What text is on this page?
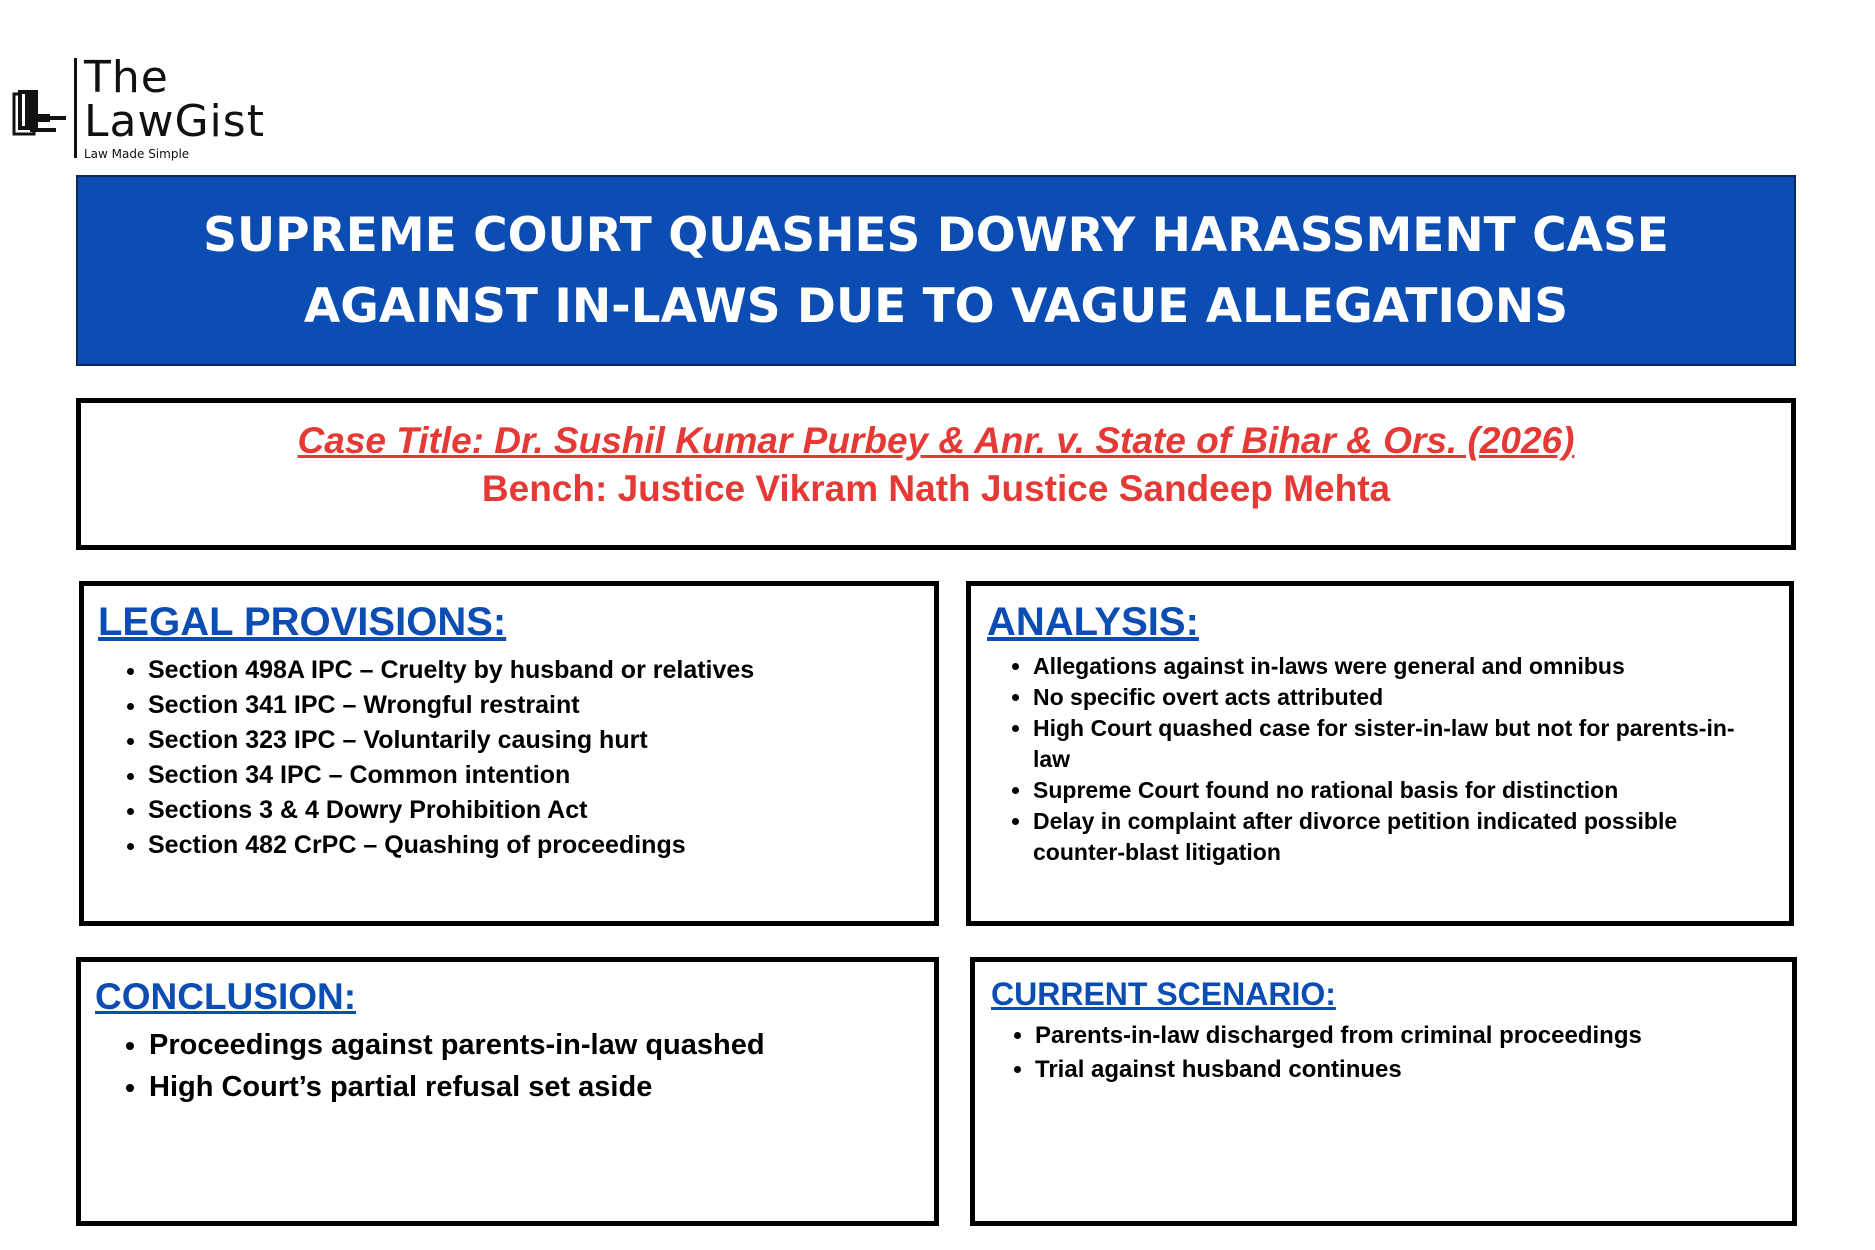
The
LawGist
Law Made Simple
SUPREME COURT QUASHES DOWRY HARASSMENT CASE AGAINST IN-LAWS DUE TO VAGUE ALLEGATIONS
Case Title: Dr. Sushil Kumar Purbey & Anr. v. State of Bihar & Ors. (2026)
Bench: Justice Vikram Nath Justice Sandeep Mehta
LEGAL PROVISIONS:
• Section 498A IPC – Cruelty by husband or relatives
• Section 341 IPC – Wrongful restraint
• Section 323 IPC – Voluntarily causing hurt
• Section 34 IPC – Common intention
• Sections 3 & 4 Dowry Prohibition Act
• Section 482 CrPC – Quashing of proceedings
ANALYSIS:
• Allegations against in-laws were general and omnibus
• No specific overt acts attributed
• High Court quashed case for sister-in-law but not for parents-in-law
• Supreme Court found no rational basis for distinction
• Delay in complaint after divorce petition indicated possible counter-blast litigation
CONCLUSION:
• Proceedings against parents-in-law quashed
• High Court’s partial refusal set aside
CURRENT SCENARIO:
• Parents-in-law discharged from criminal proceedings
• Trial against husband continues
